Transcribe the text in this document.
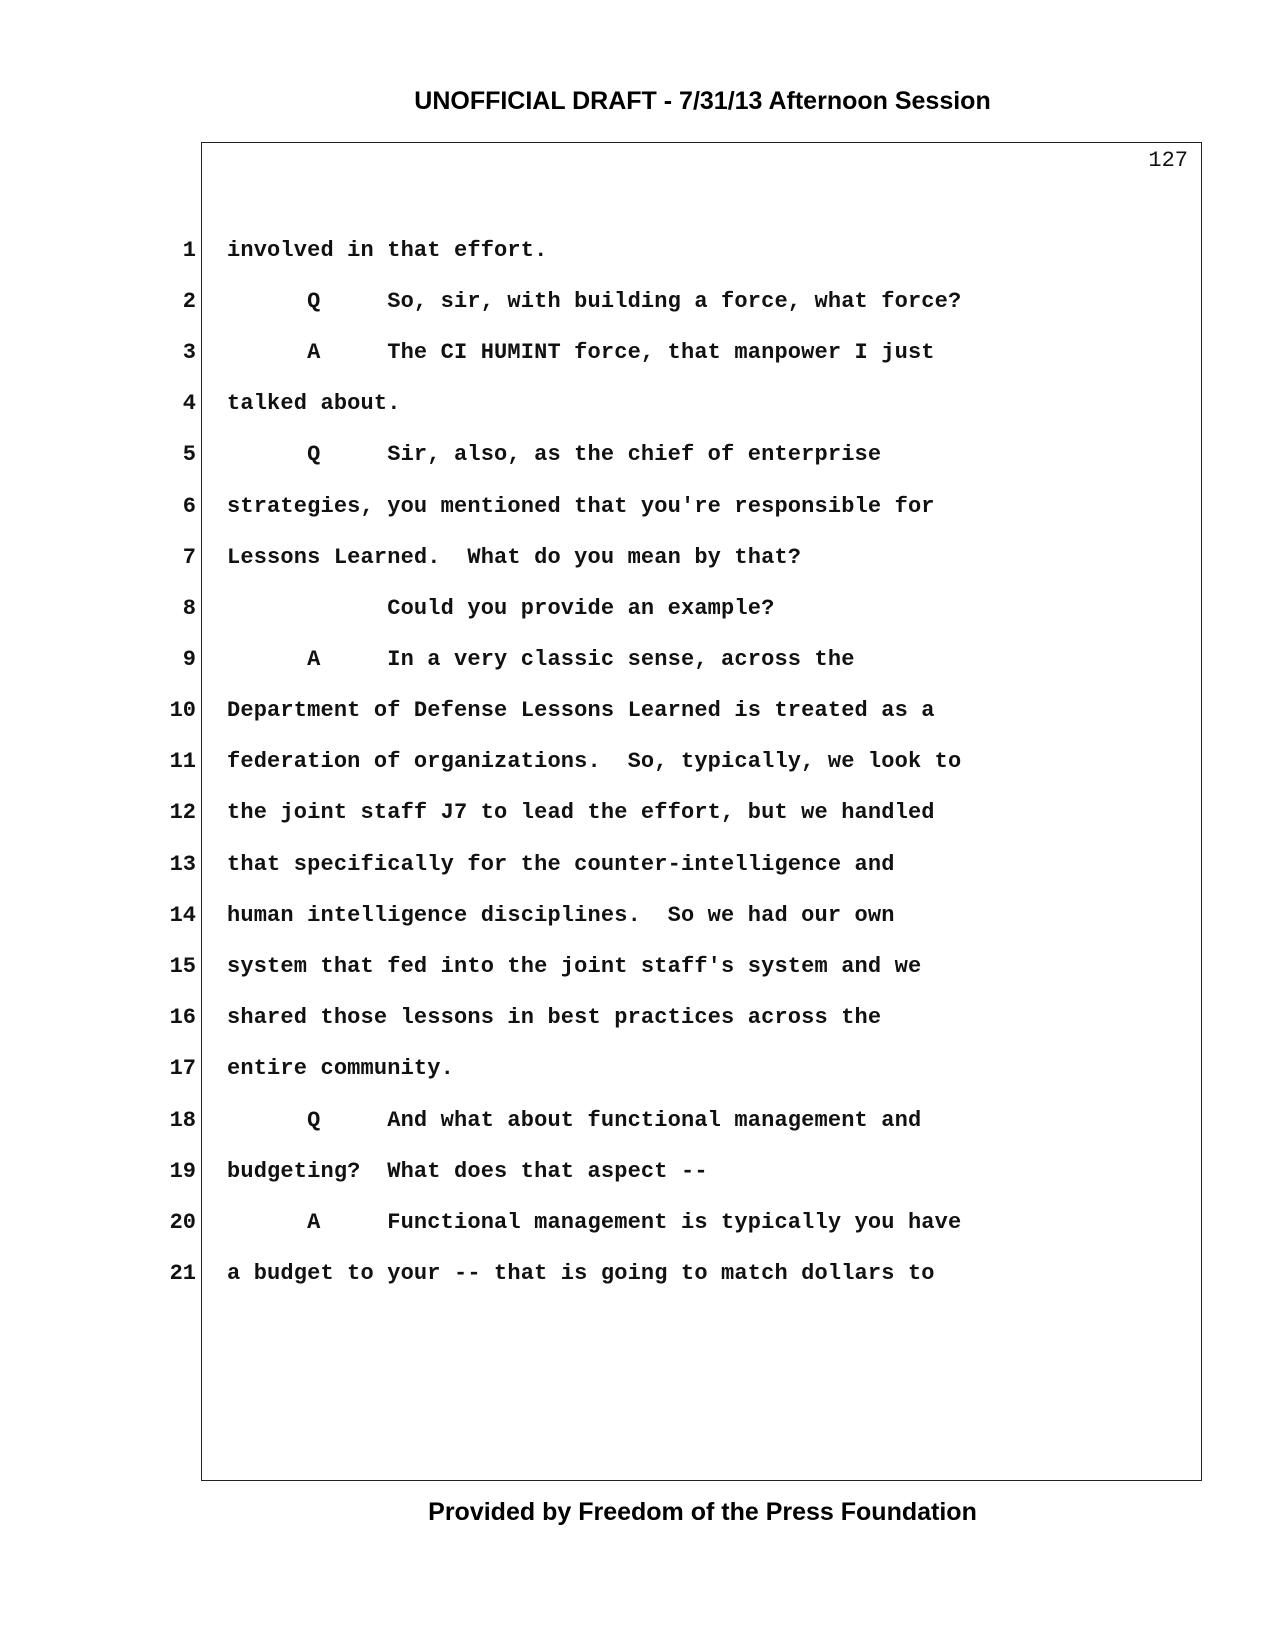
UNOFFICIAL DRAFT - 7/31/13 Afternoon Session
127
1 involved in that effort.
2 Q     So, sir, with building a force, what force?
3 A     The CI HUMINT force, that manpower I just
4 talked about.
5 Q     Sir, also, as the chief of enterprise
6 strategies, you mentioned that you're responsible for
7 Lessons Learned.  What do you mean by that?
8 Could you provide an example?
9 A     In a very classic sense, across the
10 Department of Defense Lessons Learned is treated as a
11 federation of organizations.  So, typically, we look to
12 the joint staff J7 to lead the effort, but we handled
13 that specifically for the counter-intelligence and
14 human intelligence disciplines.  So we had our own
15 system that fed into the joint staff's system and we
16 shared those lessons in best practices across the
17 entire community.
18 Q     And what about functional management and
19 budgeting?  What does that aspect --
20 A     Functional management is typically you have
21 a budget to your -- that is going to match dollars to
Provided by Freedom of the Press Foundation
